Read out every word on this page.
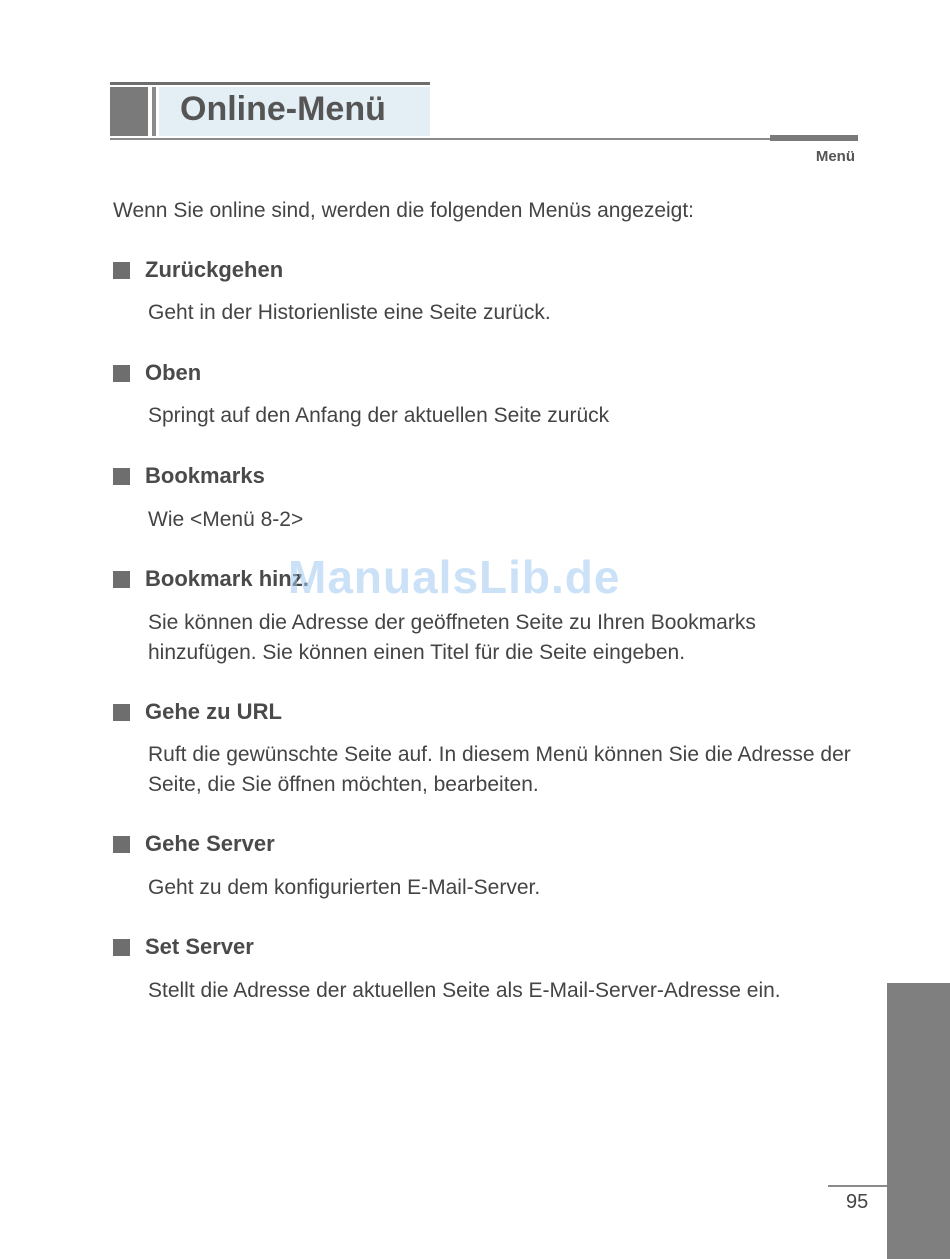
Online-Menü
Menü
Wenn Sie online sind, werden die folgenden Menüs angezeigt:
Zurückgehen
Geht in der Historienliste eine Seite zurück.
Oben
Springt auf den Anfang der aktuellen Seite zurück
Bookmarks
Wie <Menü 8-2>
Bookmark hinz.
Sie können die Adresse der geöffneten Seite zu Ihren Bookmarks hinzufügen. Sie können einen Titel für die Seite eingeben.
Gehe zu URL
Ruft die gewünschte Seite auf. In diesem Menü können Sie die Adresse der Seite, die Sie öffnen möchten, bearbeiten.
Gehe Server
Geht zu dem konfigurierten E-Mail-Server.
Set Server
Stellt die Adresse der aktuellen Seite als E-Mail-Server-Adresse ein.
ManualsLib.de
95
